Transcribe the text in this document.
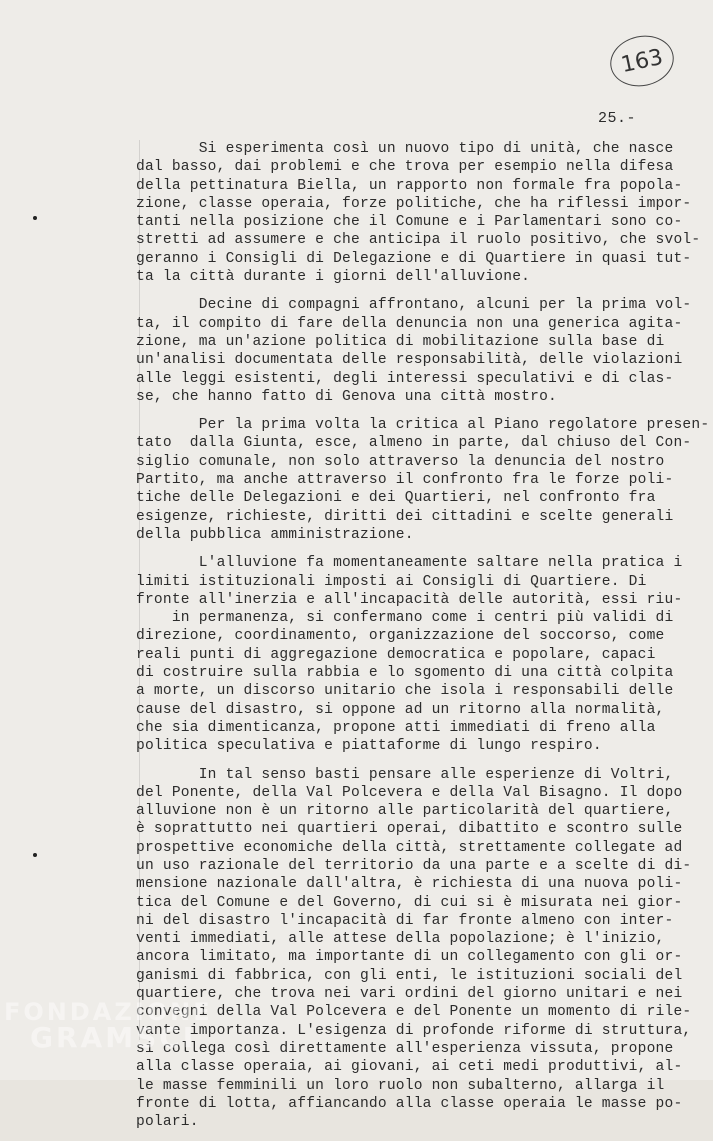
163
25.-
Si esperimenta così un nuovo tipo di unità, che nasce
dal basso, dai problemi e che trova per esempio nella difesa
della pettinatura Biella, un rapporto non formale fra popola-
zione, classe operaia, forze politiche, che ha riflessi impor-
tanti nella posizione che il Comune e i Parlamentari sono co-
stretti ad assumere e che anticipa il ruolo positivo, che svol-
geranno i Consigli di Delegazione e di Quartiere in quasi tut-
ta la città durante i giorni dell'alluvione.
Decine di compagni affrontano, alcuni per la prima vol-
ta, il compito di fare della denuncia non una generica agita-
zione, ma un'azione politica di mobilitazione sulla base di
un'analisi documentata delle responsabilità, delle violazioni
alle leggi esistenti, degli interessi speculativi e di clas-
se, che hanno fatto di Genova una città mostro.
Per la prima volta la critica al Piano regolatore presen-
tato  dalla Giunta, esce, almeno in parte, dal chiuso del Con-
siglio comunale, non solo attraverso la denuncia del nostro
Partito, ma anche attraverso il confronto fra le forze poli-
tiche delle Delegazioni e dei Quartieri, nel confronto fra
esigenze, richieste, diritti dei cittadini e scelte generali
della pubblica amministrazione.
L'alluvione fa momentaneamente saltare nella pratica i
limiti istituzionali imposti ai Consigli di Quartiere. Di
fronte all'inerzia e all'incapacità delle autorità, essi riu-
in permanenza, si confermano come i centri più validi di
direzione, coordinamento, organizzazione del soccorso, come
reali punti di aggregazione democratica e popolare, capaci
di costruire sulla rabbia e lo sgomento di una città colpita
a morte, un discorso unitario che isola i responsabili delle
cause del disastro, si oppone ad un ritorno alla normalità,
che sia dimenticanza, propone atti immediati di freno alla
politica speculativa e piattaforme di lungo respiro.
In tal senso basti pensare alle esperienze di Voltri,
del Ponente, della Val Polcevera e della Val Bisagno. Il dopo
alluvione non è un ritorno alle particolarità del quartiere,
è soprattutto nei quartieri operai, dibattito e scontro sulle
prospettive economiche della città, strettamente collegate ad
un uso razionale del territorio da una parte e a scelte di di-
mensione nazionale dall'altra, è richiesta di una nuova poli-
tica del Comune e del Governo, di cui si è misurata nei gior-
ni del disastro l'incapacità di far fronte almeno con inter-
venti immediati, alle attese della popolazione; è l'inizio,
ancora limitato, ma importante di un collegamento con gli or-
ganismi di fabbrica, con gli enti, le istituzioni sociali del
quartiere, che trova nei vari ordini del giorno unitari e nei
convegni della Val Polcevera e del Ponente un momento di rile-
vante importanza. L'esigenza di profonde riforme di struttura,
si collega così direttamente all'esperienza vissuta, propone
alla classe operaia, ai giovani, ai ceti medi produttivi, al-
le masse femminili un loro ruolo non subalterno, allarga il
fronte di lotta, affiancando alla classe operaia le masse po-
polari.
FONDAZIONE
GRAMSCI
